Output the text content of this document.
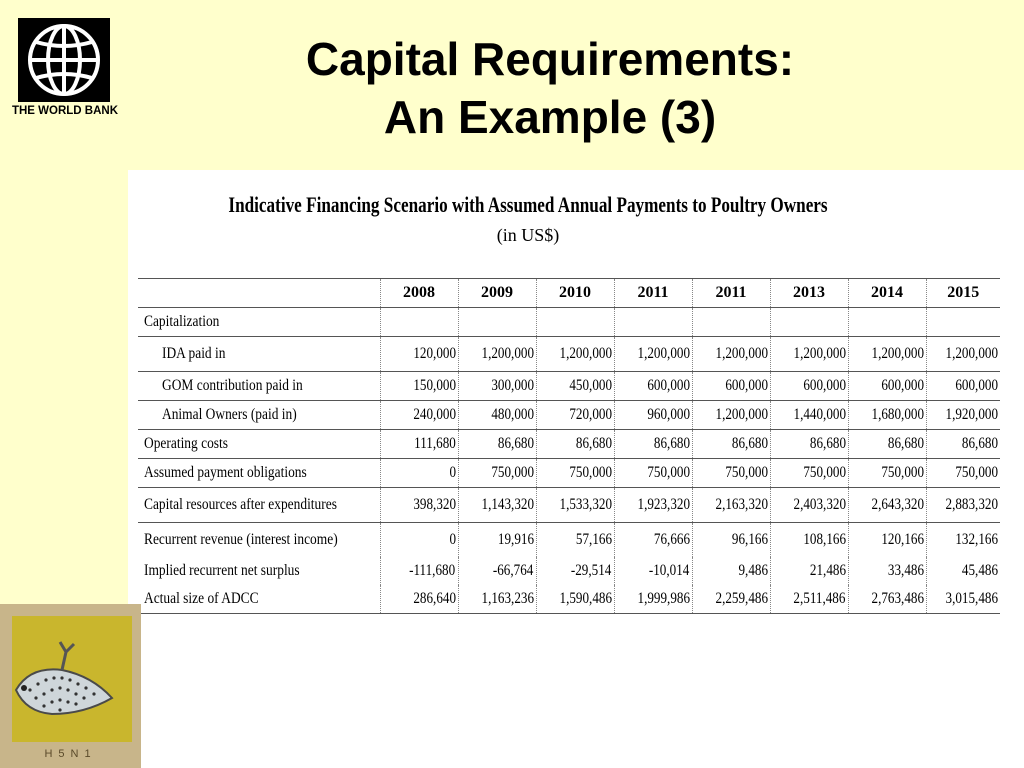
THE WORLD BANK
Capital Requirements:
An Example (3)
Indicative Financing Scenario with Assumed Annual Payments to Poultry Owners
(in US$)
	2008	2009	2010	2011	2011	2013	2014	2015
Capitalization								
IDA paid in	120,000	1,200,000	1,200,000	1,200,000	1,200,000	1,200,000	1,200,000	1,200,000
GOM contribution paid in	150,000	300,000	450,000	600,000	600,000	600,000	600,000	600,000
Animal Owners (paid in)	240,000	480,000	720,000	960,000	1,200,000	1,440,000	1,680,000	1,920,000
Operating costs	111,680	86,680	86,680	86,680	86,680	86,680	86,680	86,680
Assumed payment obligations	0	750,000	750,000	750,000	750,000	750,000	750,000	750,000
Capital resources after expenditures	398,320	1,143,320	1,533,320	1,923,320	2,163,320	2,403,320	2,643,320	2,883,320
Recurrent revenue (interest income)	0	19,916	57,166	76,666	96,166	108,166	120,166	132,166
Implied recurrent net surplus	-111,680	-66,764	-29,514	-10,014	9,486	21,486	33,486	45,486
Actual size of ADCC	286,640	1,163,236	1,590,486	1,999,986	2,259,486	2,511,486	2,763,486	3,015,486
H5N1
